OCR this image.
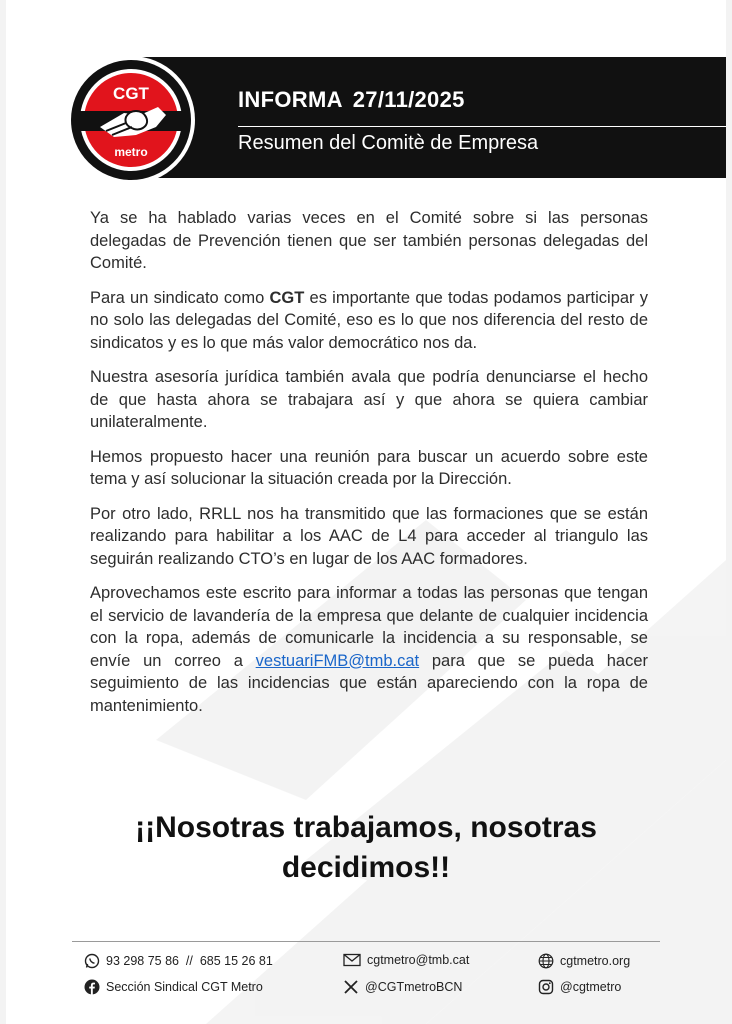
INFORMA 27/11/2025
Resumen del Comitè de Empresa
CGT
metro

Ya se ha hablado varias veces en el Comité sobre si las personas delegadas de Prevención tienen que ser también personas delegadas del Comité.

Para un sindicato como CGT es importante que todas podamos participar y no solo las delegadas del Comité, eso es lo que nos diferencia del resto de sindicatos y es lo que más valor democrático nos da.

Nuestra asesoría jurídica también avala que podría denunciarse el hecho de que hasta ahora se trabajara así y que ahora se quiera cambiar unilateralmente.

Hemos propuesto hacer una reunión para buscar un acuerdo sobre este tema y así solucionar la situación creada por la Dirección.

Por otro lado, RRLL nos ha transmitido que las formaciones que se están realizando para habilitar a los AAC de L4 para acceder al triangulo las seguirán realizando CTO’s en lugar de los AAC formadores.

Aprovechamos este escrito para informar a todas las personas que tengan el servicio de lavandería de la empresa que delante de cualquier incidencia con la ropa, además de comunicarle la incidencia a su responsable, se envíe un correo a vestuariFMB@tmb.cat para que se pueda hacer seguimiento de las incidencias que están apareciendo con la ropa de mantenimiento.

¡¡Nosotras trabajamos, nosotras
decidimos!!
93 298 75 86  //  685 15 26 81
Sección Sindical CGT Metro
cgtmetro@tmb.cat
@CGTmetroBCN
cgtmetro.org
@cgtmetro
